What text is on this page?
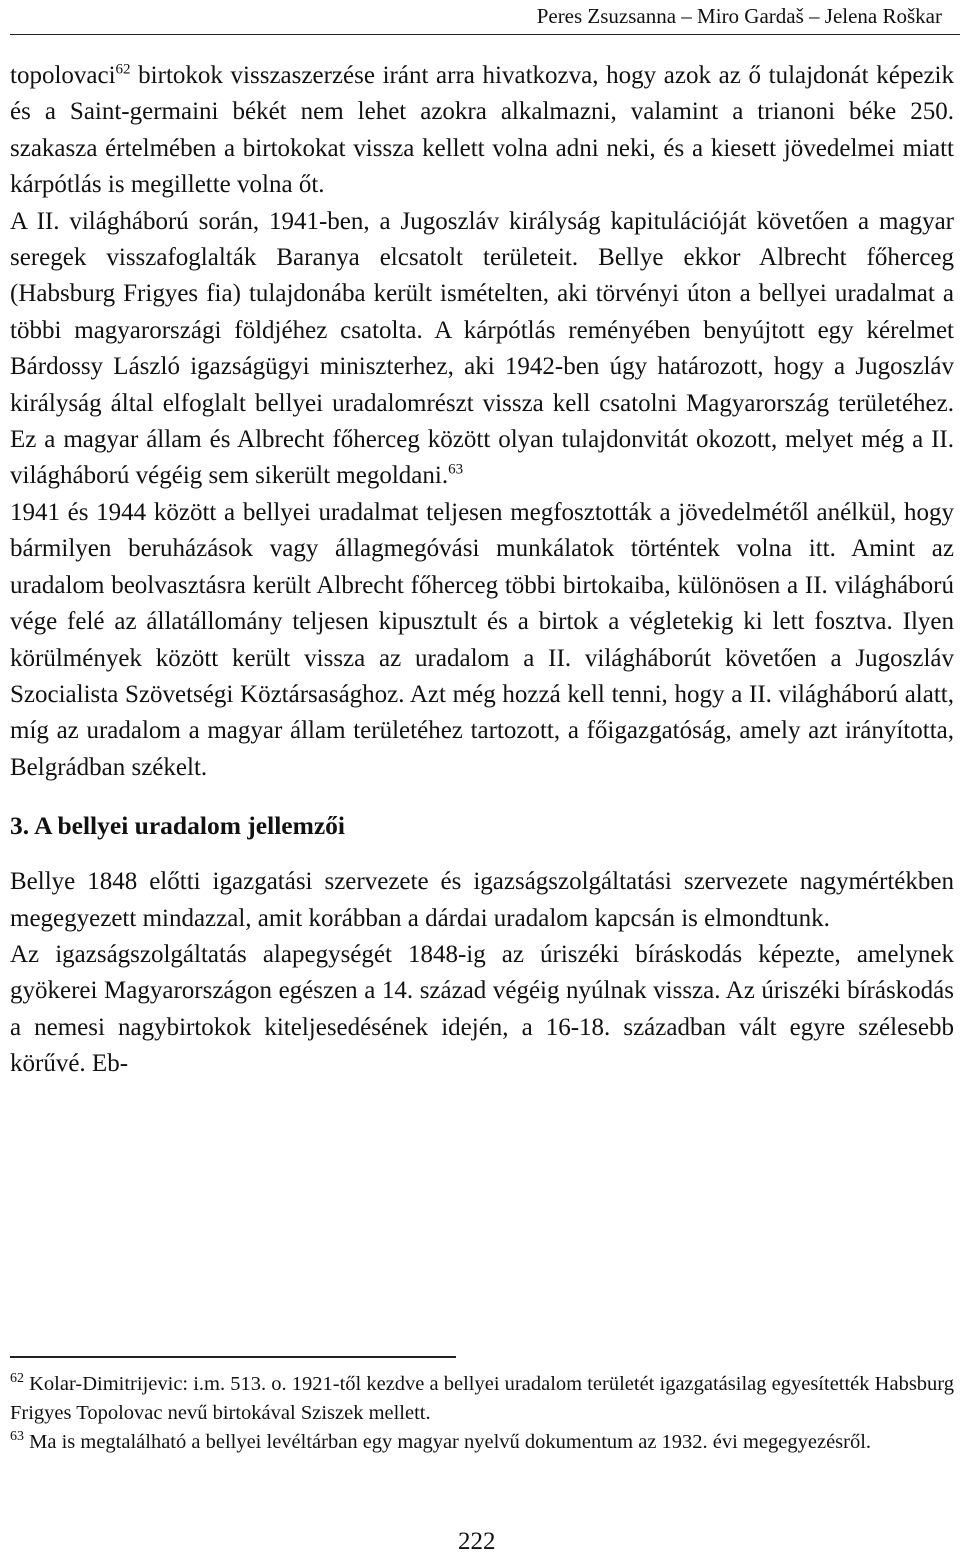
Peres Zsuzsanna – Miro Gardaš – Jelena Roškar

topolovaci$^{62}$ birtokok visszaszerzése iránt arra hivatkozva, hogy azok az ő tulajdonát képezik és a Saint-germaini békét nem lehet azokra alkalmazni, valamint a trianoni béke 250. szakasza értelmében a birtokokat vissza kellett volna adni neki, és a kiesett jövedelmei miatt kárpótlás is megillette volna őt.

A II. világháború során, 1941-ben, a Jugoszláv királyság kapitulációját követően a magyar seregek visszafoglalták Baranya elcsatolt területeit. Bellye ekkor Albrecht főherceg (Habsburg Frigyes fia) tulajdonába került ismételten, aki törvényi úton a bellyei uradalmat a többi magyarországi földjéhez csatolta. A kárpótlás reményében benyújtott egy kérelmet Bárdossy László igazságügyi miniszterhez, aki 1942-ben úgy határozott, hogy a Jugoszláv királyság által elfoglalt bellyei uradalomrészt vissza kell csatolni Magyarország területéhez. Ez a magyar állam és Albrecht főherceg között olyan tulajdonvitát okozott, melyet még a II. világháború végéig sem sikerült megoldani.$^{63}$

1941 és 1944 között a bellyei uradalmat teljesen megfosztották a jövedelmétől anélkül, hogy bármilyen beruházások vagy állagmegóvási munkálatok történtek volna itt. Amint az uradalom beolvasztásra került Albrecht főherceg többi birtokaiba, különösen a II. világháború vége felé az állatállomány teljesen kipusztult és a birtok a végletekig ki lett fosztva. Ilyen körülmények között került vissza az uradalom a II. világháborút követően a Jugoszláv Szocialista Szövetségi Köztársasághoz. Azt még hozzá kell tenni, hogy a II. világháború alatt, míg az uradalom a magyar állam területéhez tartozott, a főigazgatóság, amely azt irányította, Belgrádban székelt.

3. A bellyei uradalom jellemzői

Bellye 1848 előtti igazgatási szervezete és igazságszolgáltatási szervezete nagymértékben megegyezett mindazzal, amit korábban a dárdai uradalom kapcsán is elmondtunk.

Az igazságszolgáltatás alapegységét 1848-ig az úriszéki bíráskodás képezte, amelynek gyökerei Magyarországon egészen a 14. század végéig nyúlnak vissza. Az úriszéki bíráskodás a nemesi nagybirtokok kiteljesedésének idején, a 16-18. században vált egyre szélesebb körűvé. Eb-

$^{62}$ Kolar-Dimitrijevic: i.m. 513. o. 1921-től kezdve a bellyei uradalom területét igazgatásilag egyesítették Habsburg Frigyes Topolovac nevű birtokával Sziszek mellett.

$^{63}$ Ma is megtalálható a bellyei levéltárban egy magyar nyelvű dokumentum az 1932. évi megegyezésről.

222
